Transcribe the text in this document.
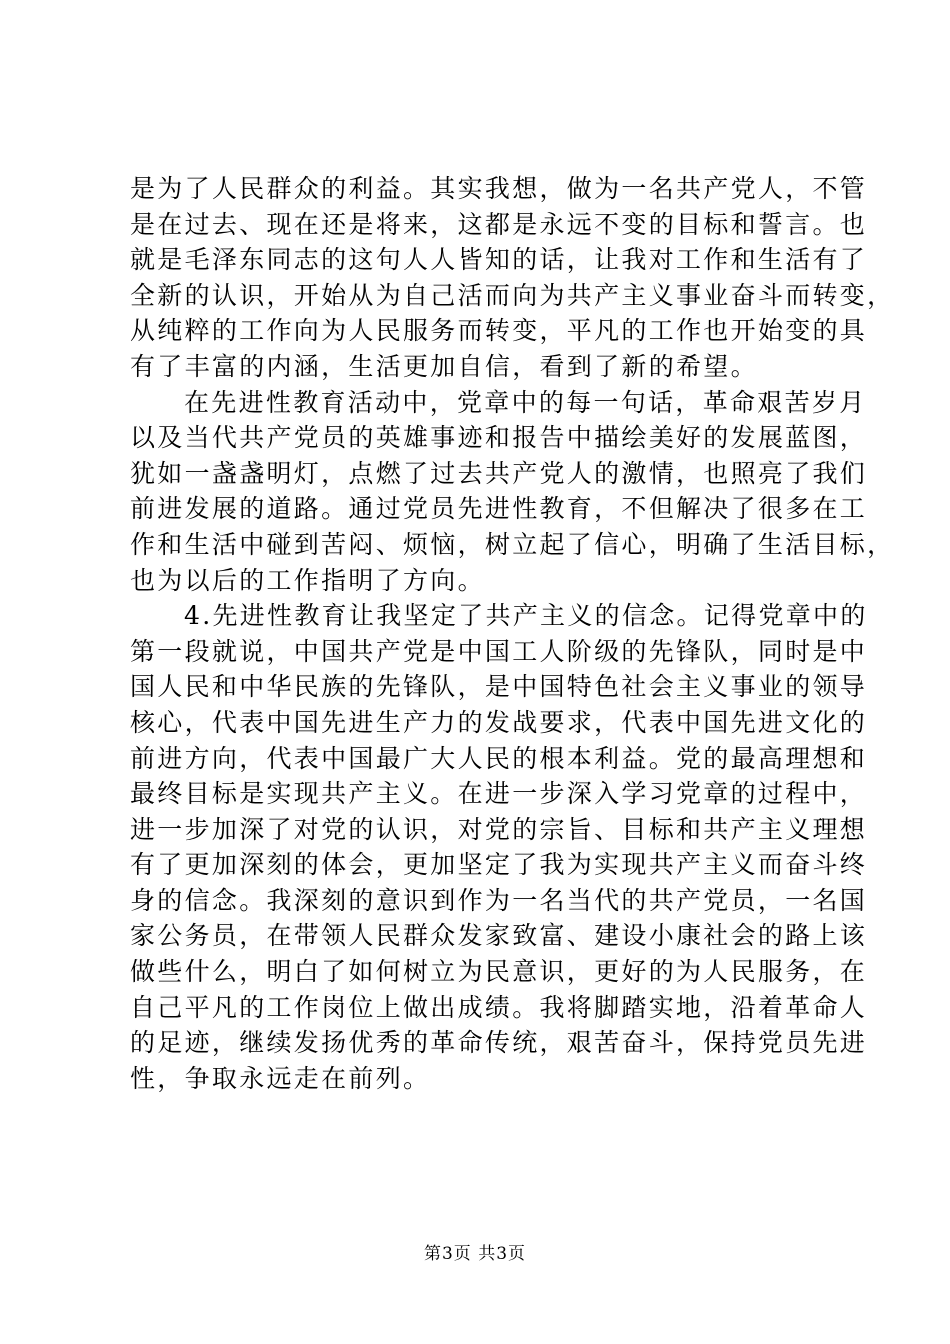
是为了人民群众的利益。其实我想，做为一名共产党人，不管
是在过去、现在还是将来，这都是永远不变的目标和誓言。也
就是毛泽东同志的这句人人皆知的话，让我对工作和生活有了
全新的认识，开始从为自己活而向为共产主义事业奋斗而转变，
从纯粹的工作向为人民服务而转变，平凡的工作也开始变的具
有了丰富的内涵，生活更加自信，看到了新的希望。
在先进性教育活动中，党章中的每一句话，革命艰苦岁月
以及当代共产党员的英雄事迹和报告中描绘美好的发展蓝图，
犹如一盏盏明灯，点燃了过去共产党人的激情，也照亮了我们
前进发展的道路。通过党员先进性教育，不但解决了很多在工
作和生活中碰到苦闷、烦恼，树立起了信心，明确了生活目标，
也为以后的工作指明了方向。
4.先进性教育让我坚定了共产主义的信念。记得党章中的
第一段就说，中国共产党是中国工人阶级的先锋队，同时是中
国人民和中华民族的先锋队，是中国特色社会主义事业的领导
核心，代表中国先进生产力的发战要求，代表中国先进文化的
前进方向，代表中国最广大人民的根本利益。党的最高理想和
最终目标是实现共产主义。在进一步深入学习党章的过程中，
进一步加深了对党的认识，对党的宗旨、目标和共产主义理想
有了更加深刻的体会，更加坚定了我为实现共产主义而奋斗终
身的信念。我深刻的意识到作为一名当代的共产党员，一名国
家公务员，在带领人民群众发家致富、建设小康社会的路上该
做些什么，明白了如何树立为民意识，更好的为人民服务，在
自己平凡的工作岗位上做出成绩。我将脚踏实地，沿着革命人
的足迹，继续发扬优秀的革命传统，艰苦奋斗，保持党员先进
性，争取永远走在前列。
第3页 共3页
